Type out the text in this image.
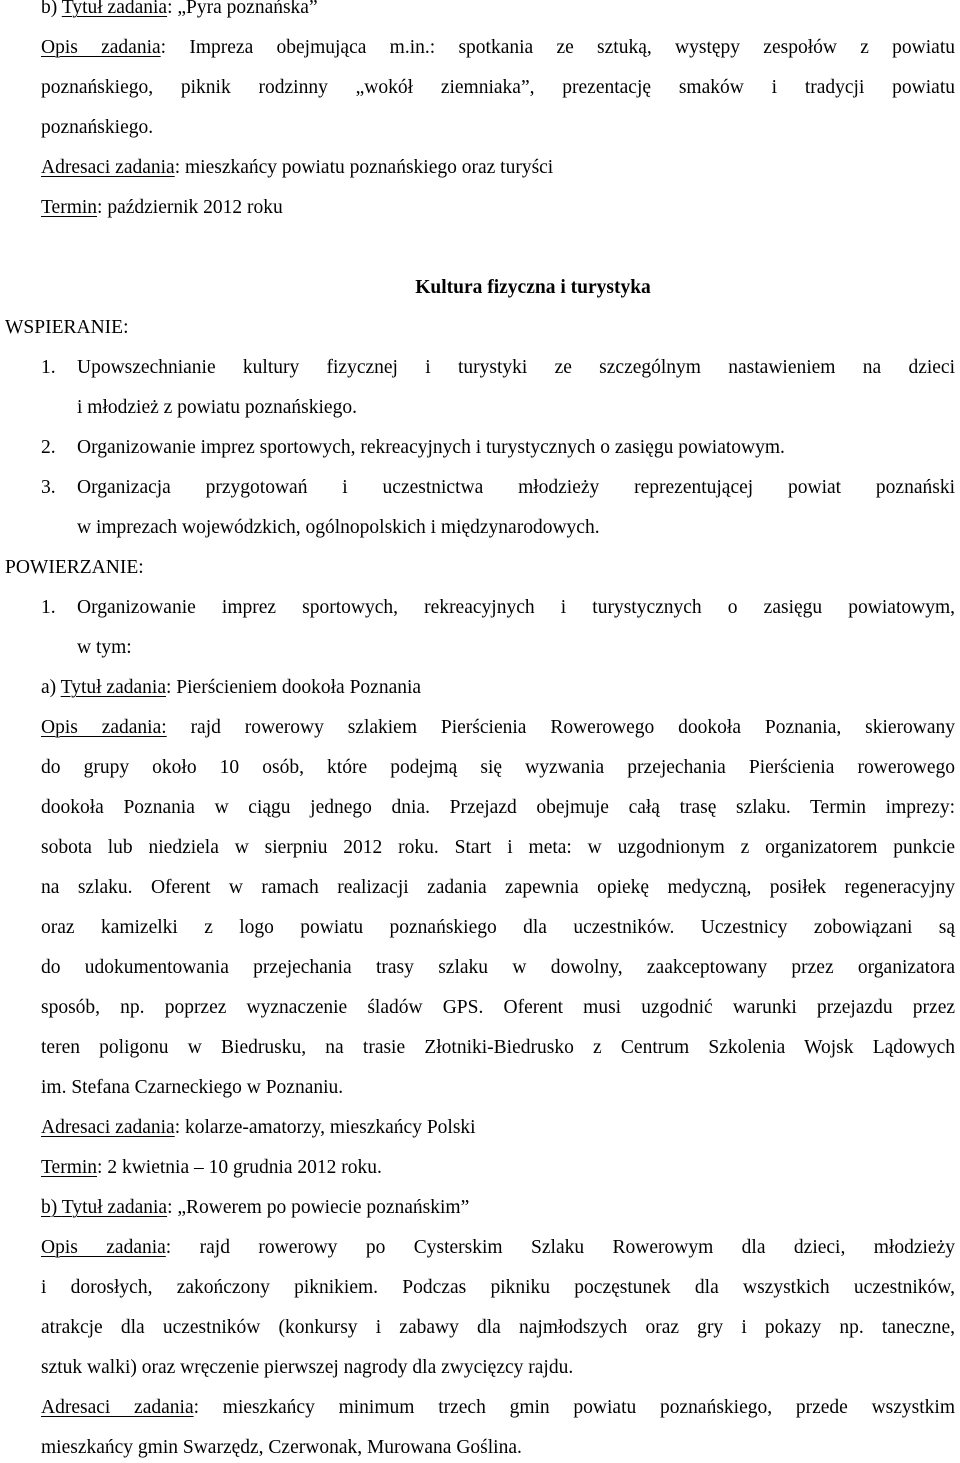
b) Tytuł zadania: „Pyra poznańska”
Opis zadania: Impreza obejmująca m.in.: spotkania ze sztuką, występy zespołów z powiatu
poznańskiego, piknik rodzinny „wokół ziemniaka”, prezentację smaków i tradycji powiatu
poznańskiego.
Adresaci zadania: mieszkańcy powiatu poznańskiego oraz turyści
Termin: październik 2012 roku
Kultura fizyczna i turystyka
WSPIERANIE:
1.	Upowszechnianie kultury fizycznej i turystyki ze szczególnym nastawieniem na dzieci
i młodzież z powiatu poznańskiego.
2.	Organizowanie imprez sportowych, rekreacyjnych i turystycznych o zasięgu powiatowym.
3.	Organizacja przygotowań i uczestnictwa młodzieży reprezentującej powiat poznański
w imprezach wojewódzkich, ogólnopolskich i międzynarodowych.
POWIERZANIE:
1.	Organizowanie imprez sportowych, rekreacyjnych i turystycznych o zasięgu powiatowym,
w tym:
a) Tytuł zadania: Pierścieniem dookoła Poznania
Opis zadania: rajd rowerowy szlakiem Pierścienia Rowerowego dookoła Poznania, skierowany
do grupy około 10 osób, które podejmą się wyzwania przejechania Pierścienia rowerowego
dookoła Poznania w ciągu jednego dnia. Przejazd obejmuje całą trasę szlaku. Termin imprezy:
sobota lub niedziela w sierpniu 2012 roku. Start i meta: w uzgodnionym z organizatorem punkcie
na szlaku. Oferent w ramach realizacji zadania zapewnia opiekę medyczną, posiłek regeneracyjny
oraz kamizelki z logo powiatu poznańskiego dla uczestników. Uczestnicy zobowiązani są
do udokumentowania przejechania trasy szlaku w dowolny, zaakceptowany przez organizatora
sposób, np. poprzez wyznaczenie śladów GPS. Oferent musi uzgodnić warunki przejazdu przez
teren poligonu w Biedrusku, na trasie Złotniki-Biedrusko z Centrum Szkolenia Wojsk Lądowych
im. Stefana Czarneckiego w Poznaniu.
Adresaci zadania: kolarze-amatorzy, mieszkańcy Polski
Termin: 2 kwietnia – 10 grudnia 2012 roku.
b) Tytuł zadania: „Rowerem po powiecie poznańskim”
Opis zadania: rajd rowerowy po Cysterskim Szlaku Rowerowym dla dzieci, młodzieży
i dorosłych, zakończony piknikiem. Podczas pikniku poczęstunek dla wszystkich uczestników,
atrakcje dla uczestników (konkursy i zabawy dla najmłodszych oraz gry i pokazy np. taneczne,
sztuk walki) oraz wręczenie pierwszej nagrody dla zwycięzcy rajdu.
Adresaci zadania: mieszkańcy minimum trzech gmin powiatu poznańskiego, przede wszystkim
mieszkańcy gmin Swarzędz, Czerwonak, Murowana Goślina.
